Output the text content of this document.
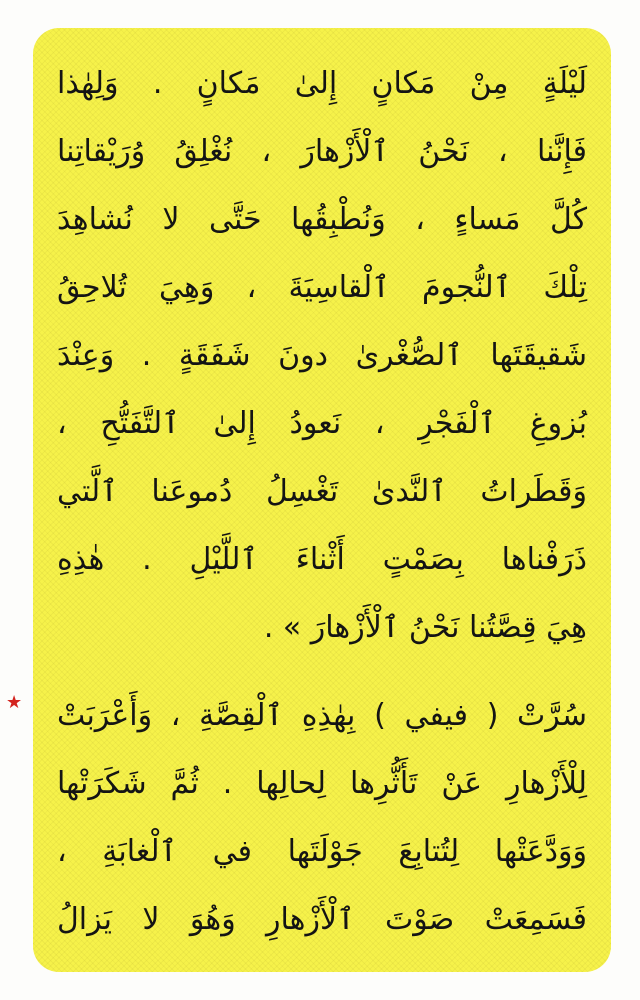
لَيْلَةٍ مِنْ مَكانٍ إِلىٰ مَكانٍ . وَلِهٰذا
فَإِنَّنا ، نَحْنُ ٱلْأَزْهارَ ، نُغْلِقُ وُرَيْقاتِنا
كُلَّ مَساءٍ ، وَنُطْبِقُها حَتَّى لا نُشاهِدَ
تِلْكَ ٱلنُّجومَ ٱلْقاسِيَةَ ، وَهِيَ تُلاحِقُ
شَقيقَتَها ٱلصُّغْرىٰ دونَ شَفَقَةٍ . وَعِنْدَ
بُزوغِ ٱلْفَجْرِ ، نَعودُ إِلىٰ ٱلتَّفَتُّحِ ،
وَقَطَراتُ ٱلنَّدىٰ تَغْسِلُ دُموعَنا ٱلَّتي
ذَرَفْناها بِصَمْتٍ أَثْناءَ ٱللَّيْلِ . هٰذِهِ
هِيَ قِصَّتُنا نَحْنُ ٱلْأَزْهارَ » .
سُرَّتْ ( فيفي ) بِهٰذِهِ ٱلْقِصَّةِ ، وَأَعْرَبَتْ
لِلْأَزْهارِ عَنْ تَأَثُّرِها لِحالِها . ثُمَّ شَكَرَتْها
وَوَدَّعَتْها لِتُتابِعَ جَوْلَتَها في ٱلْغابَةِ ،
فَسَمِعَتْ صَوْتَ ٱلْأَزْهارِ وَهُوَ لا يَزالُ
★
